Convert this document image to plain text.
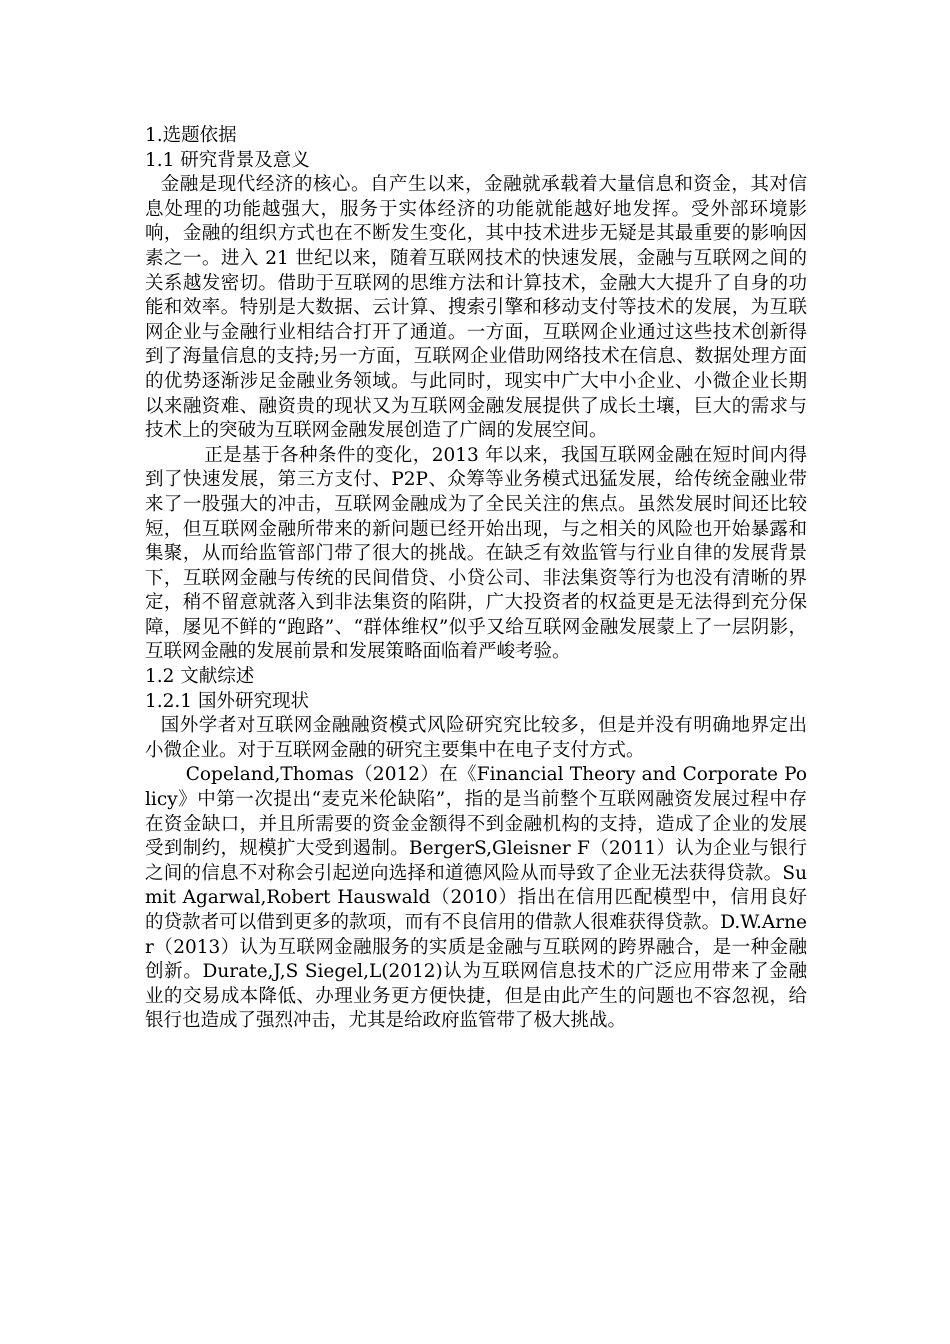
1.选题依据

1.1 研究背景及意义

金融是现代经济的核心。自产生以来，金融就承载着大量信息和资金，其对信息处理的功能越强大，服务于实体经济的功能就能越好地发挥。受外部环境影响，金融的组织方式也在不断发生变化，其中技术进步无疑是其最重要的影响因素之一。进入 21 世纪以来，随着互联网技术的快速发展，金融与互联网之间的关系越发密切。借助于互联网的思维方法和计算技术，金融大大提升了自身的功能和效率。特别是大数据、云计算、搜索引擎和移动支付等技术的发展，为互联网企业与金融行业相结合打开了通道。一方面，互联网企业通过这些技术创新得到了海量信息的支持;另一方面，互联网企业借助网络技术在信息、数据处理方面的优势逐渐涉足金融业务领域。与此同时，现实中广大中小企业、小微企业长期以来融资难、融资贵的现状又为互联网金融发展提供了成长土壤，巨大的需求与技术上的突破为互联网金融发展创造了广阔的发展空间。

正是基于各种条件的变化，2013 年以来，我国互联网金融在短时间内得到了快速发展，第三方支付、P2P、众筹等业务模式迅猛发展，给传统金融业带来了一股强大的冲击，互联网金融成为了全民关注的焦点。虽然发展时间还比较短，但互联网金融所带来的新问题已经开始出现，与之相关的风险也开始暴露和集聚，从而给监管部门带了很大的挑战。在缺乏有效监管与行业自律的发展背景下，互联网金融与传统的民间借贷、小贷公司、非法集资等行为也没有清晰的界定，稍不留意就落入到非法集资的陷阱，广大投资者的权益更是无法得到充分保障，屡见不鲜的“跑路”、“群体维权”似乎又给互联网金融发展蒙上了一层阴影，互联网金融的发展前景和发展策略面临着严峻考验。

1.2 文献综述

1.2.1 国外研究现状

国外学者对互联网金融融资模式风险研究究比较多，但是并没有明确地界定出小微企业。对于互联网金融的研究主要集中在电子支付方式。

Copeland,Thomas（2012）在《Financial Theory and Corporate Policy》中第一次提出“麦克米伦缺陷”，指的是当前整个互联网融资发展过程中存在资金缺口，并且所需要的资金金额得不到金融机构的支持，造成了企业的发展受到制约，规模扩大受到遏制。BergerS,Gleisner F（2011）认为企业与银行之间的信息不对称会引起逆向选择和道德风险从而导致了企业无法获得贷款。Sumit Agarwal,Robert Hauswald（2010）指出在信用匹配模型中，信用良好的贷款者可以借到更多的款项，而有不良信用的借款人很难获得贷款。D.W.Arner（2013）认为互联网金融服务的实质是金融与互联网的跨界融合，是一种金融创新。Durate,J,S Siegel,L(2012)认为互联网信息技术的广泛应用带来了金融业的交易成本降低、办理业务更方便快捷，但是由此产生的问题也不容忽视，给银行也造成了强烈冲击，尤其是给政府监管带了极大挑战。
